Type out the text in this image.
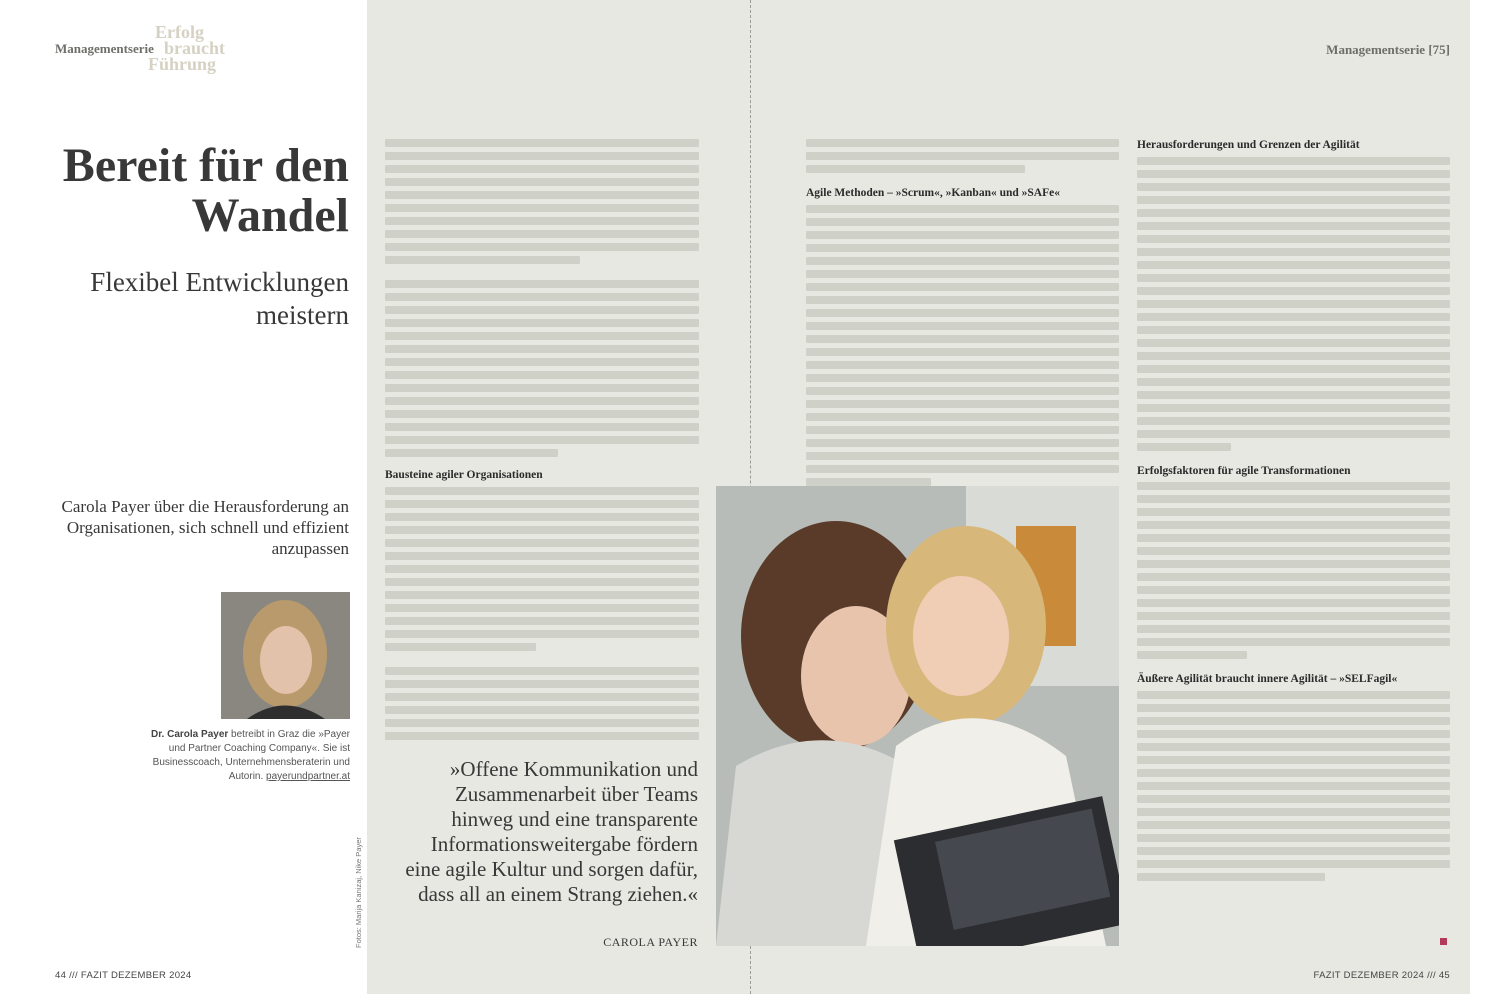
Managementserie
Erfolg
braucht
Führung
Managementserie [75]
Bereit für den Wandel
Flexibel Entwicklungen meistern
Carola Payer über die Herausforderung an Organisationen, sich schnell und effizient anzupassen
Dr. Carola Payer betreibt in Graz die »Payer und Partner Coaching Company«. Sie ist Businesscoach, Unternehmensberaterin und Autorin. payerundpartner.at
Fotos: Marija Kanizaj, Nike Payer
Bausteine agiler Organisationen
»Offene Kommunikation und Zusammenarbeit über Teams hinweg und eine transparente Informationsweitergabe fördern eine agile Kultur und sorgen dafür, dass all an einem Strang ziehen.«
CAROLA PAYER
Agile Methoden – »Scrum«, »Kanban« und »SAFe«
Herausforderungen und Grenzen der Agilität
Erfolgsfaktoren für agile Transformationen
Äußere Agilität braucht innere Agilität – »SELFagil«
44 /// FAZIT DEZEMBER 2024	FAZIT DEZEMBER 2024 /// 45
